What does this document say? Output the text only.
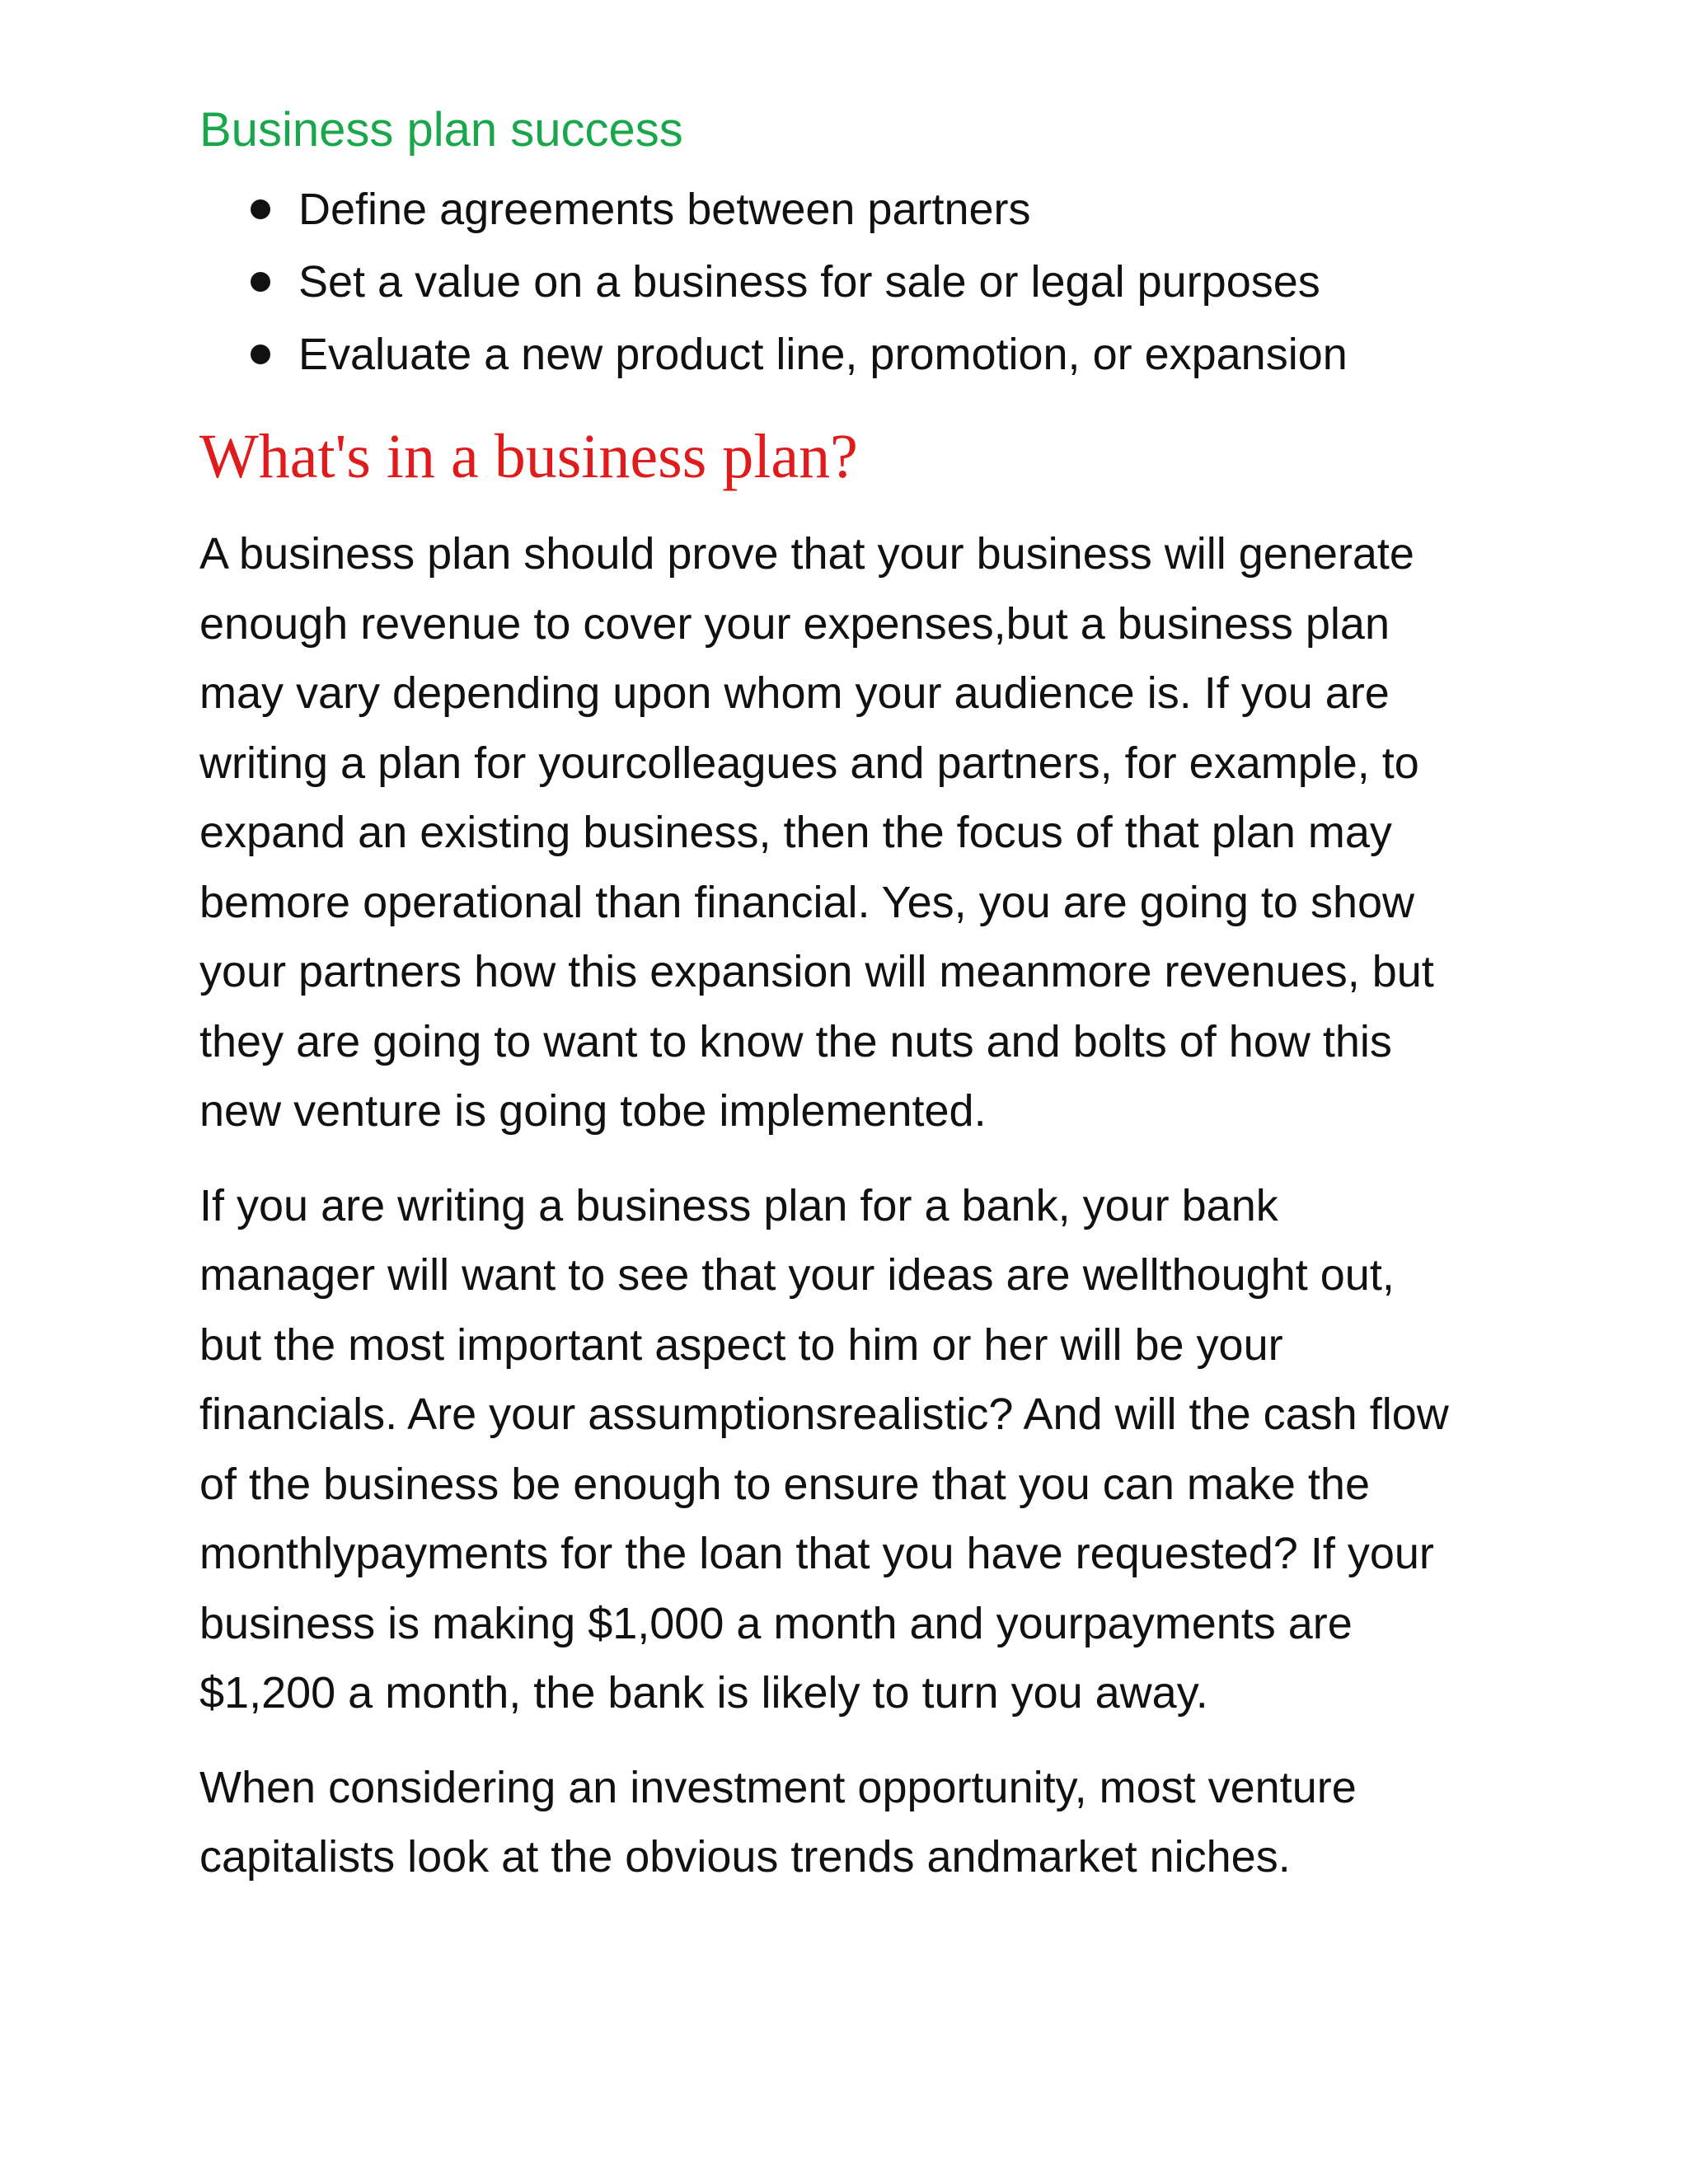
Business plan success
Define agreements between partners
Set a value on a business for sale or legal purposes
Evaluate a new product line, promotion, or expansion
What's in a business plan?

A business plan should prove that your business will generate
enough revenue to cover your expenses,but a business plan
may vary depending upon whom your audience is. If you are
writing a plan for yourcolleagues and partners, for example, to
expand an existing business, then the focus of that plan may
bemore operational than financial. Yes, you are going to show
your partners how this expansion will meanmore revenues, but
they are going to want to know the nuts and bolts of how this
new venture is going tobe implemented.

If you are writing a business plan for a bank, your bank
manager will want to see that your ideas are wellthought out,
but the most important aspect to him or her will be your
financials. Are your assumptionsrealistic? And will the cash flow
of the business be enough to ensure that you can make the
monthlypayments for the loan that you have requested? If your
business is making $1,000 a month and yourpayments are
$1,200 a month, the bank is likely to turn you away.

When considering an investment opportunity, most venture
capitalists look at the obvious trends andmarket niches.
